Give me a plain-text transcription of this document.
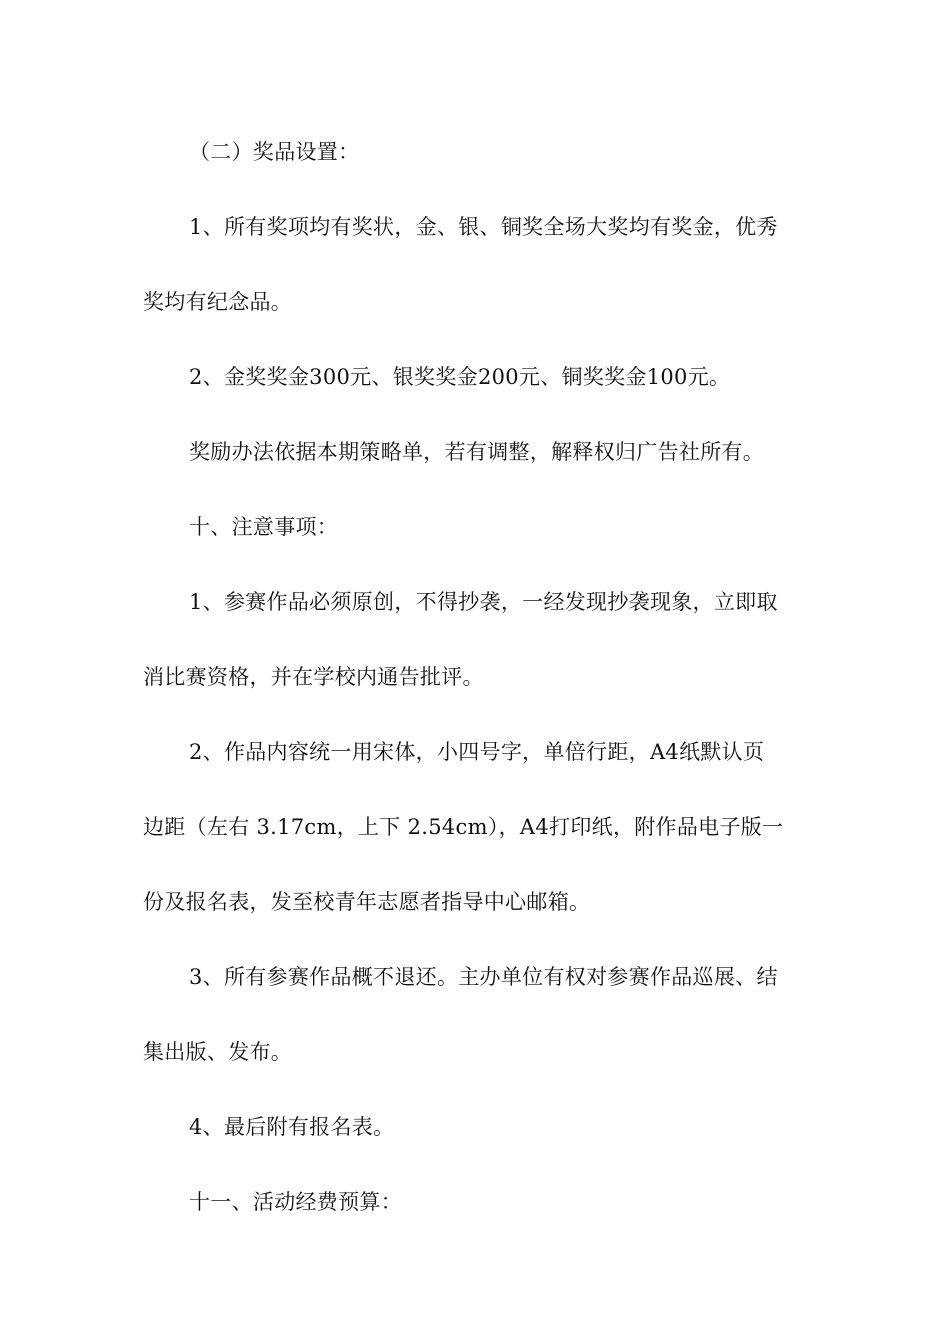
（二）奖品设置：
1、所有奖项均有奖状，金、银、铜奖全场大奖均有奖金，优秀
奖均有纪念品。
2、金奖奖金300元、银奖奖金200元、铜奖奖金100元。
奖励办法依据本期策略单，若有调整，解释权归广告社所有。
十、注意事项：
1、参赛作品必须原创，不得抄袭，一经发现抄袭现象，立即取
消比赛资格，并在学校内通告批评。
2、作品内容统一用宋体，小四号字，单倍行距，A4纸默认页
边距（左右 3.17cm，上下 2.54cm），A4打印纸，附作品电子版一
份及报名表，发至校青年志愿者指导中心邮箱。
3、所有参赛作品概不退还。主办单位有权对参赛作品巡展、结
集出版、发布。
4、最后附有报名表。
十一、活动经费预算：
